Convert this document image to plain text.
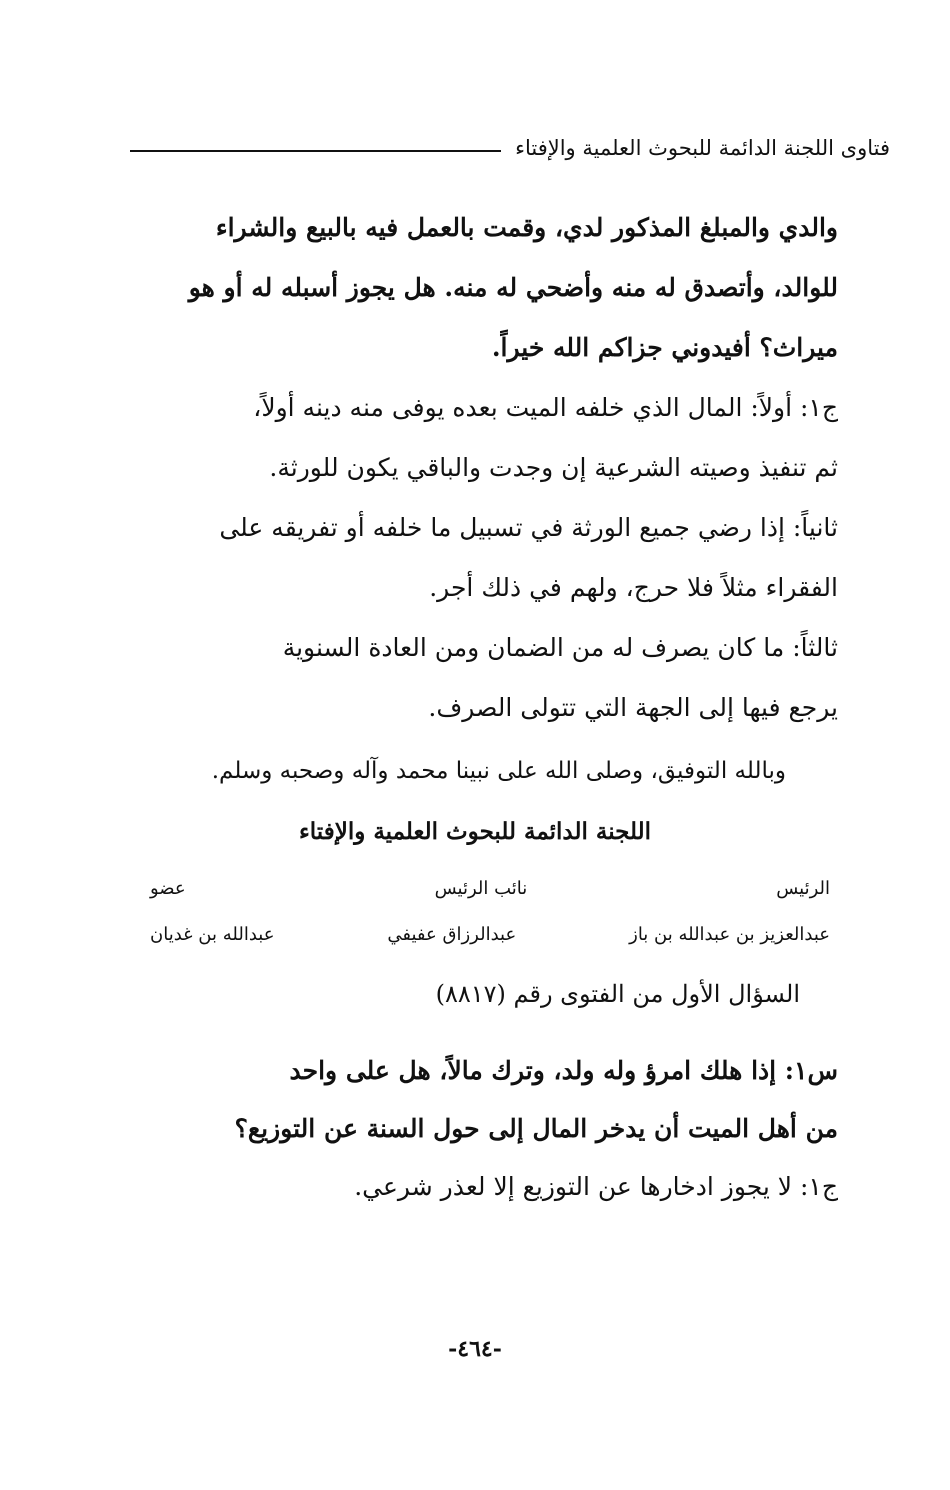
فتاوى اللجنة الدائمة للبحوث العلمية والإفتاء
والدي والمبلغ المذكور لدي، وقمت بالعمل فيه بالبيع والشراء
للوالد، وأتصدق له منه وأضحي له منه. هل يجوز أسبله له أو هو
ميراث؟ أفيدوني جزاكم الله خيراً.
ج١: أولاً: المال الذي خلفه الميت بعده يوفى منه دينه أولاً،
ثم تنفيذ وصيته الشرعية إن وجدت والباقي يكون للورثة.
ثانياً: إذا رضي جميع الورثة في تسبيل ما خلفه أو تفريقه على
الفقراء مثلاً فلا حرج، ولهم في ذلك أجر.
ثالثاً: ما كان يصرف له من الضمان ومن العادة السنوية
يرجع فيها إلى الجهة التي تتولى الصرف.
وبالله التوفيق، وصلى الله على نبينا محمد وآله وصحبه وسلم.
اللجنة الدائمة للبحوث العلمية والإفتاء
الرئيس
نائب الرئيس
عضو
عبدالعزيز بن عبدالله بن باز
عبدالرزاق عفيفي
عبدالله بن غديان
السؤال الأول من الفتوى رقم (٨٨١٧)
س١: إذا هلك امرؤ وله ولد، وترك مالاً، هل على واحد
من أهل الميت أن يدخر المال إلى حول السنة عن التوزيع؟
ج١: لا يجوز ادخارها عن التوزيع إلا لعذر شرعي.
-٤٦٤-
